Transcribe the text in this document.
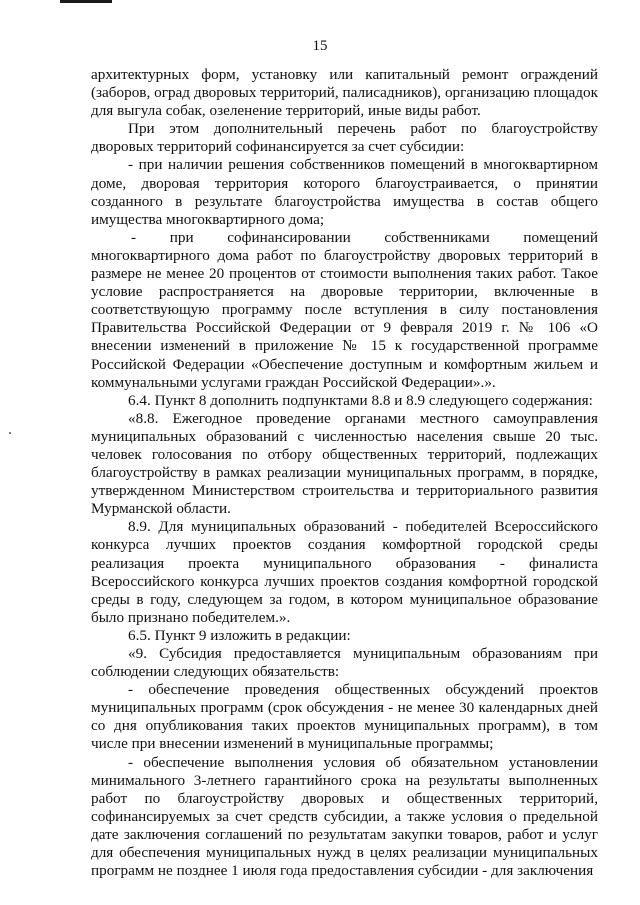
15

архитектурных форм, установку или капитальный ремонт ограждений (заборов, оград дворовых территорий, палисадников), организацию площадок для выгула собак, озеленение территорий, иные виды работ.

При этом дополнительный перечень работ по благоустройству дворовых территорий софинансируется за счет субсидии:

- при наличии решения собственников помещений в многоквартирном доме, дворовая территория которого благоустраивается, о принятии созданного в результате благоустройства имущества в состав общего имущества многоквартирного дома;

- при софинансировании собственниками помещений многоквартирного дома работ по благоустройству дворовых территорий в размере не менее 20 процентов от стоимости выполнения таких работ. Такое условие распространяется на дворовые территории, включенные в соответствующую программу после вступления в силу постановления Правительства Российской Федерации от 9 февраля 2019 г. № 106 «О внесении изменений в приложение № 15 к государственной программе Российской Федерации «Обеспечение доступным и комфортным жильем и коммунальными услугами граждан Российской Федерации».».

6.4. Пункт 8 дополнить подпунктами 8.8 и 8.9 следующего содержания:

«8.8. Ежегодное проведение органами местного самоуправления муниципальных образований с численностью населения свыше 20 тыс. человек голосования по отбору общественных территорий, подлежащих благоустройству в рамках реализации муниципальных программ, в порядке, утвержденном Министерством строительства и территориального развития Мурманской области.

8.9. Для муниципальных образований - победителей Всероссийского конкурса лучших проектов создания комфортной городской среды реализация проекта муниципального образования - финалиста Всероссийского конкурса лучших проектов создания комфортной городской среды в году, следующем за годом, в котором муниципальное образование было признано победителем.».

6.5. Пункт 9 изложить в редакции:

«9. Субсидия предоставляется муниципальным образованиям при соблюдении следующих обязательств:

- обеспечение проведения общественных обсуждений проектов муниципальных программ (срок обсуждения - не менее 30 календарных дней со дня опубликования таких проектов муниципальных программ), в том числе при внесении изменений в муниципальные программы;

- обеспечение выполнения условия об обязательном установлении минимального 3-летнего гарантийного срока на результаты выполненных работ по благоустройству дворовых и общественных территорий, софинансируемых за счет средств субсидии, а также условия о предельной дате заключения соглашений по результатам закупки товаров, работ и услуг для обеспечения муниципальных нужд в целях реализации муниципальных программ не позднее 1 июля года предоставления субсидии - для заключения
